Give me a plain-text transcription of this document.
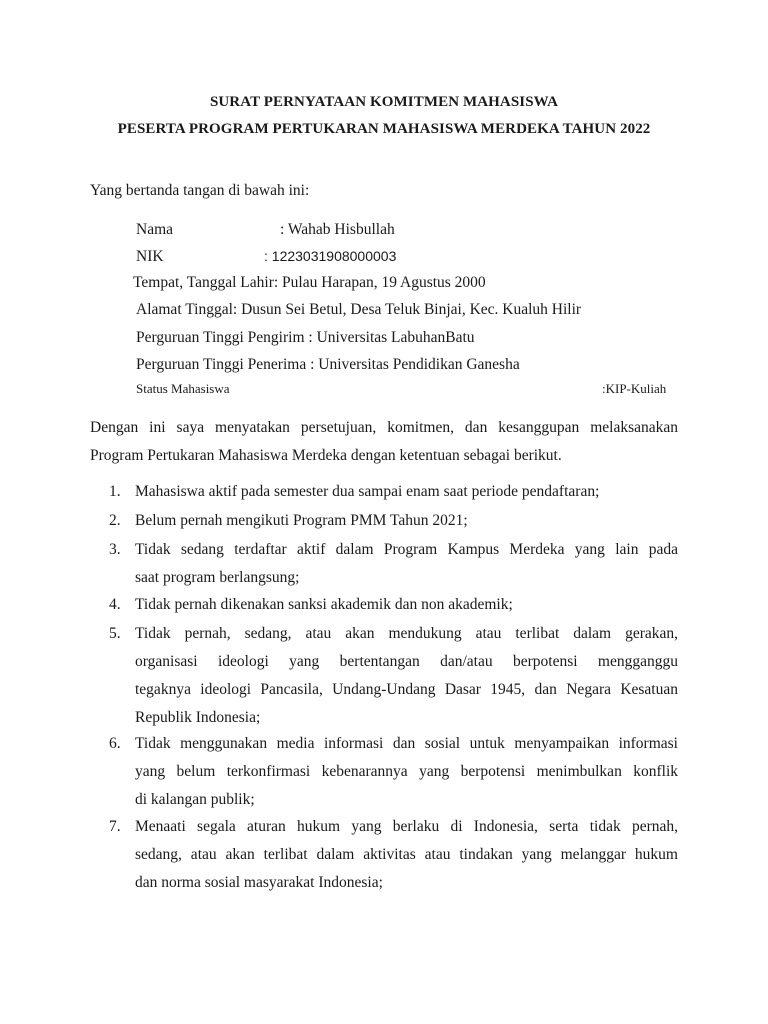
SURAT PERNYATAAN KOMITMEN MAHASISWA
PESERTA PROGRAM PERTUKARAN MAHASISWA MERDEKA TAHUN 2022
Yang bertanda tangan di bawah ini:
Nama	: Wahab Hisbullah
NIK	: 1223031908000003
Tempat, Tanggal Lahir: Pulau Harapan, 19 Agustus 2000
Alamat Tinggal: Dusun Sei Betul, Desa Teluk Binjai, Kec. Kualuh Hilir
Perguruan Tinggi Pengirim : Universitas LabuhanBatu
Perguruan Tinggi Penerima : Universitas Pendidikan Ganesha
Status Mahasiswa	:KIP-Kuliah
Dengan ini saya menyatakan persetujuan, komitmen, dan kesanggupan melaksanakan
Program Pertukaran Mahasiswa Merdeka dengan ketentuan sebagai berikut.
1. Mahasiswa aktif pada semester dua sampai enam saat periode pendaftaran;
2. Belum pernah mengikuti Program PMM Tahun 2021;
3. Tidak sedang terdaftar aktif dalam Program Kampus Merdeka yang lain pada
saat program berlangsung;
4. Tidak pernah dikenakan sanksi akademik dan non akademik;
5. Tidak pernah, sedang, atau akan mendukung atau terlibat dalam gerakan,
organisasi ideologi yang bertentangan dan/atau berpotensi mengganggu
tegaknya ideologi Pancasila, Undang-Undang Dasar 1945, dan Negara Kesatuan
Republik Indonesia;
6. Tidak menggunakan media informasi dan sosial untuk menyampaikan informasi
yang belum terkonfirmasi kebenarannya yang berpotensi menimbulkan konflik
di kalangan publik;
7. Menaati segala aturan hukum yang berlaku di Indonesia, serta tidak pernah,
sedang, atau akan terlibat dalam aktivitas atau tindakan yang melanggar hukum
dan norma sosial masyarakat Indonesia;
